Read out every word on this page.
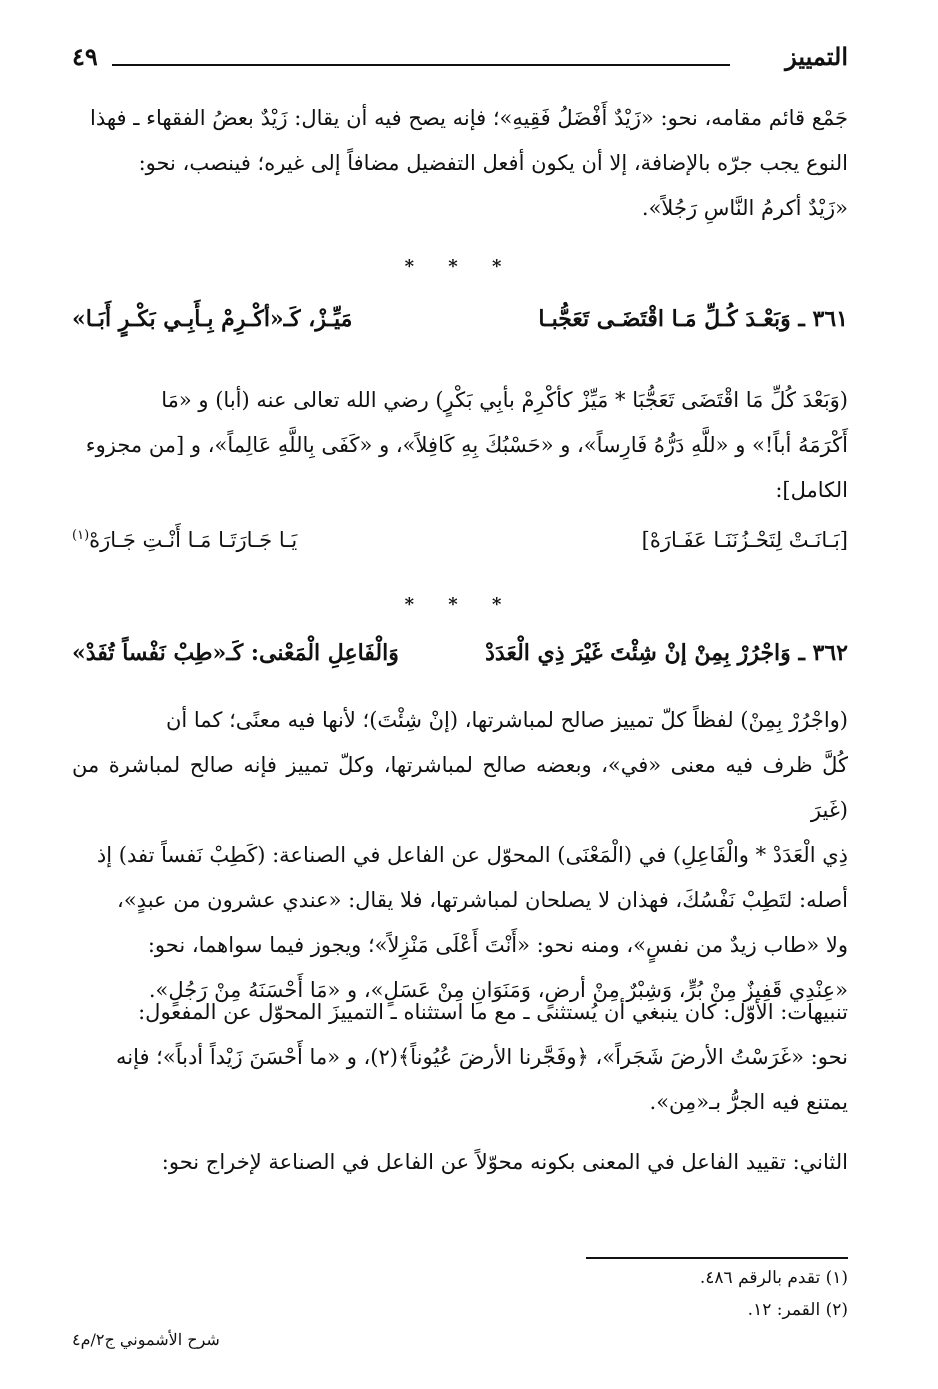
التمييز
٤٩

جَمْع قائم مقامه، نحو: «زَيْدٌ أَفْضَلُ فَقِيهِ»؛ فإنه يصح فيه أن يقال: زَيْدٌ بعضُ الفقهاء ـ فهذا

النوع يجب جرّه بالإضافة، إلا أن يكون أفعل التفضيل مضافاً إلى غيره؛ فينصب، نحو:

«زَيْدٌ أكرمُ النَّاسِ رَجُلاً».

* * *
٣٦١ ـ وَبَعْـدَ كُـلِّ مَـا اقْتَضَـى تَعَجُّبـا
مَيِّـزْ، كَـ«أكْـرِمْ بِـأَبِـي بَكْـرٍ أَبَـا»

(وَبَعْدَ كُلِّ مَا اقْتَضَى تَعَجُّبَا * مَيِّزْ كأكْرِمْ بأبِي بَكْرٍ) رضي الله تعالى عنه (أبا) و «مَا

أَكْرَمَهُ أباً!» و «للَّهِ دَرُّهُ فَارِساً»، و «حَسْبُكَ بِهِ كَافِلاً»، و «كَفَى بِاللَّهِ عَالِماً»، و [من مجزوء

الكامل]:

[بَـانَـتْ لِتَحْـزُنَنَـا عَفَـارَهْ]
يَـا جَـارَتَـا مَـا أَنْـتِ جَـارَهْ$^{(١)}$
* * *
٣٦٢ ـ وَاجْرُرْ بِمِنْ إنْ شِئْتَ غَيْرَ ذِي الْعَدَدْ
وَالْفَاعِلِ الْمَعْنى: كَـ«طِبْ نَفْساً تُفَدْ»

(واجْرُرْ بِمِنْ) لفظاً كلّ تمييز صالح لمباشرتها، (إنْ شِئْتَ)؛ لأنها فيه معنًى؛ كما أن

كُلَّ ظرف فيه معنى «في»، وبعضه صالح لمباشرتها، وكلّ تمييز فإنه صالح لمباشرة من (غَيرَ

ذِي الْعَدَدْ * والْفَاعِلِ) في (الْمَعْنَى) المحوّل عن الفاعل في الصناعة: (كَطِبْ نَفساً تفد) إذ

أصله: لتَطِبْ نَفْسُكَ، فهذان لا يصلحان لمباشرتها، فلا يقال: «عندي عشرون من عبدٍ»،

ولا «طاب زيدٌ من نفسٍ»، ومنه نحو: «أَنْتَ أَعْلَى مَنْزِلاً»؛ ويجوز فيما سواهما، نحو:

«عِنْدِي قَفِيزٌ مِنْ بُرٍّ، وَشِبْرٌ مِنْ أرضٍ، وَمَنَوَانِ مِنْ عَسَلٍ»، و «مَا أَحْسَنَهُ مِنْ رَجُلٍ».

تنبيهات: الأوّل: كان ينبغي أن يُستثنى ـ مع ما استثناه ـ التمييزَ المحوّل عن المفعول:

نحو: «غَرَسْتُ الأرضَ شَجَراً»، ﴿وفَجَّرنا الأرضَ عُيُوناً﴾(٢)، و «ما أَحْسَنَ زَيْداً أدباً»؛ فإنه

يمتنع فيه الجرُّ بـ«مِن».

الثاني: تقييد الفاعل في المعنى بكونه محوّلاً عن الفاعل في الصناعة لإخراج نحو:

(١) تقدم بالرقم ٤٨٦.
(٢) القمر: ١٢.
شرح الأشموني ج٢/م٤
